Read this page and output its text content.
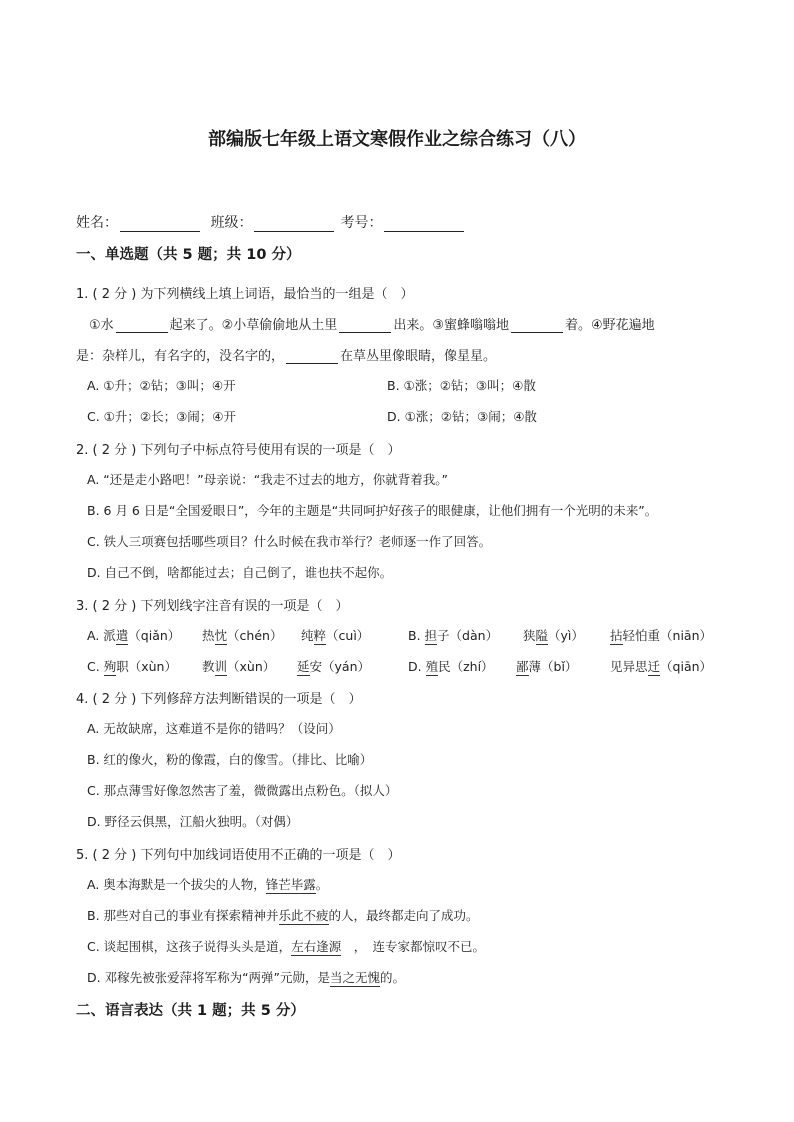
部编版七年级上语文寒假作业之综合练习（八）
姓名：	班级：	考号：
一、单选题（共 5 题；共 10 分）
1. ( 2 分 ) 为下列横线上填上词语，最恰当的一组是（　）
①水	起来了。②小草偷偷地从土里	出来。③蜜蜂嗡嗡地	着。④野花遍地
是：杂样儿，有名字的，没名字的，	在草丛里像眼睛，像星星。
A. ①升；②钻；③叫；④开	B. ①涨；②钻；③叫；④散
C. ①升；②长；③闹；④开	D. ①涨；②钻；③闹；④散
2. ( 2 分 ) 下列句子中标点符号使用有误的一项是（　）
A. “还是走小路吧！”母亲说：“我走不过去的地方，你就背着我。”
B. 6 月 6 日是“全国爱眼日”，今年的主题是“共同呵护好孩子的眼健康，让他们拥有一个光明的未来”。
C. 铁人三项赛包括哪些项目？什么时候在我市举行？老师逐一作了回答。
D. 自己不倒，啥都能过去；自己倒了，谁也扶不起你。
3. ( 2 分 ) 下列划线字注音有误的一项是（　）
A. 派遣（qiǎn） 热忱（chén） 纯粹（cuì）	B. 担子（dàn） 狭隘（yì） 拈轻怕重（niān）
C. 殉职（xùn） 教训（xùn） 延安（yán）	D. 殖民（zhí） 鄙薄（bǐ）	见异思迁（qiān）
4. ( 2 分 ) 下列修辞方法判断错误的一项是（　）
A. 无故缺席，这难道不是你的错吗？（设问）
B. 红的像火，粉的像霞，白的像雪。（排比、比喻）
C. 那点薄雪好像忽然害了羞，微微露出点粉色。（拟人）
D. 野径云俱黑，江船火独明。（对偶）
5. ( 2 分 ) 下列句中加线词语使用不正确的一项是（　）
A. 奥本海默是一个拔尖的人物，锋芒毕露。
B. 那些对自己的事业有探索精神并乐此不疲的人，最终都走向了成功。
C. 谈起围棋，这孩子说得头头是道，左右逢源　，　连专家都惊叹不已。
D. 邓稼先被张爱萍将军称为“两弹”元勋，是当之无愧的。
二、语言表达（共 1 题；共 5 分）
